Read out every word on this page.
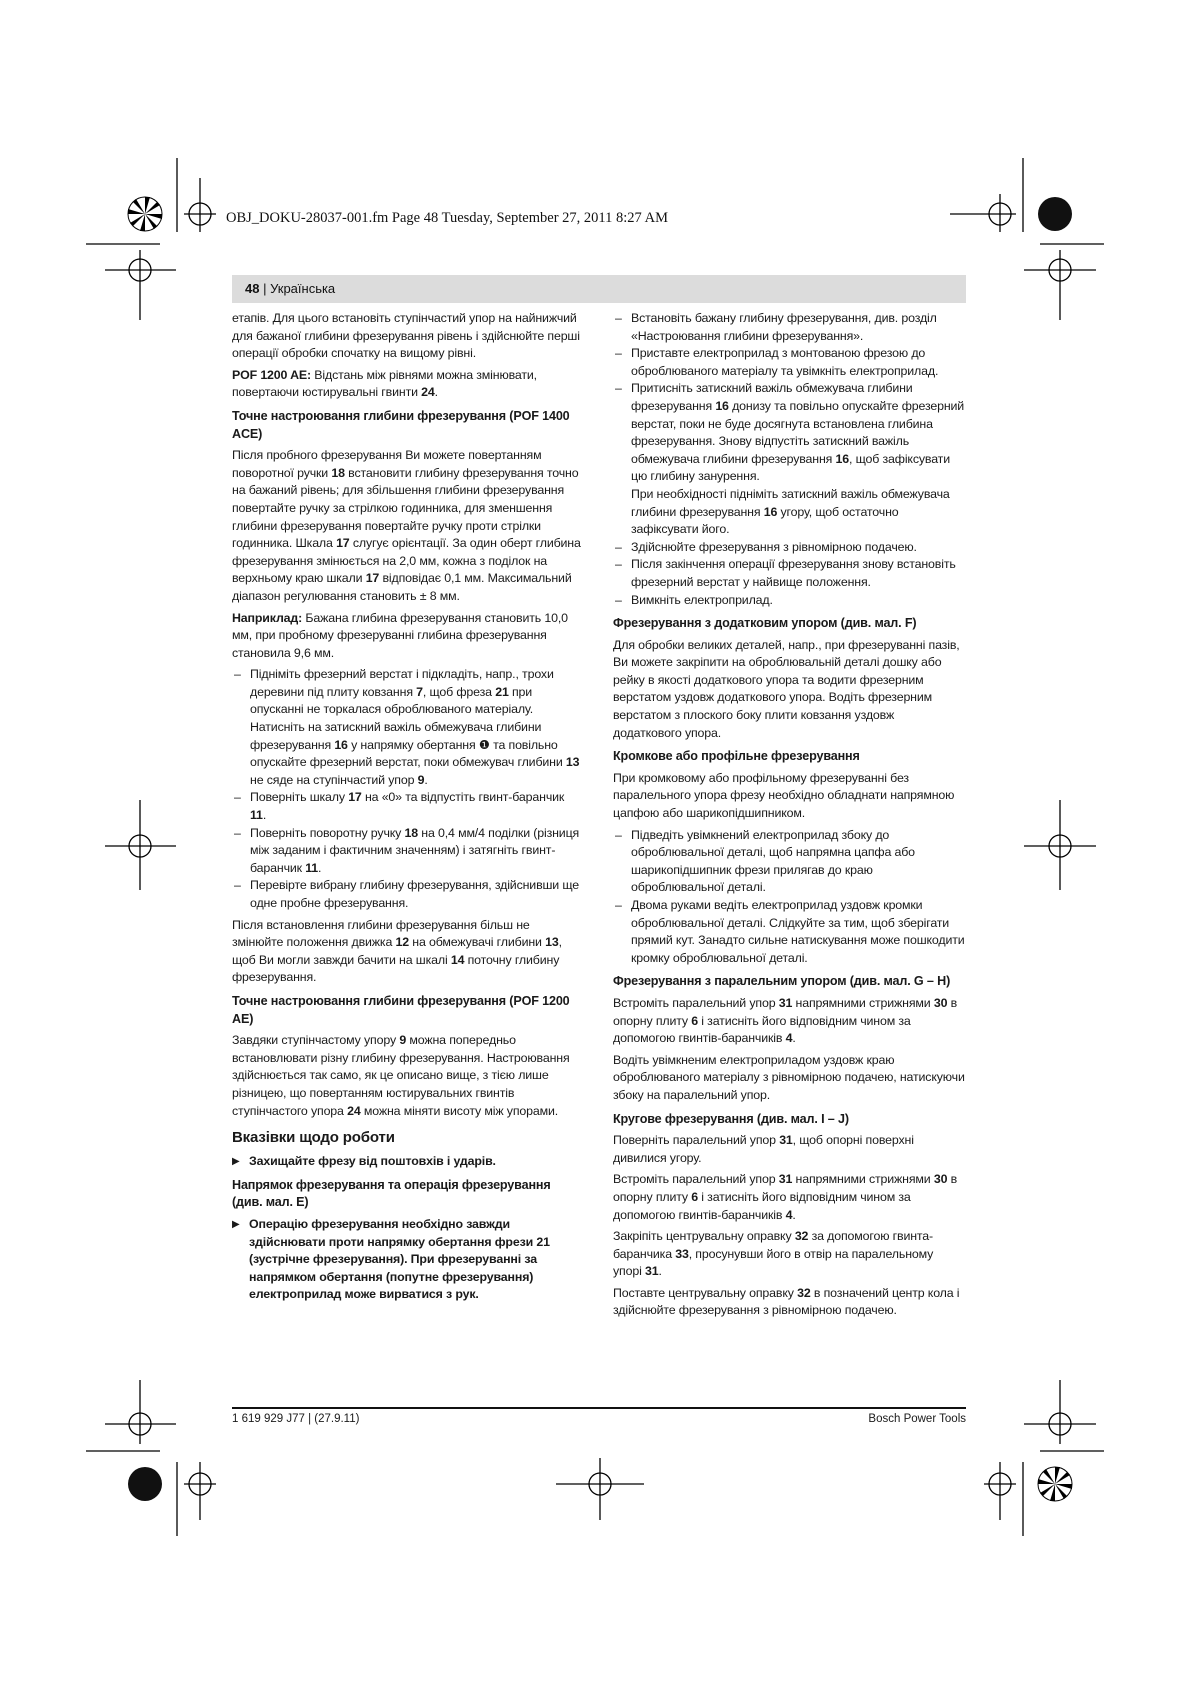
OBJ_DOKU-28037-001.fm Page 48 Tuesday, September 27, 2011 8:27 AM
48 | Українська

етапів. Для цього встановіть ступінчастий упор на найнижчий для бажаної глибини фрезерування рівень і здійснюйте перші операції обробки спочатку на вищому рівні.

POF 1200 AE: Відстань між рівнями можна змінювати, повертаючи юстирувальні гвинти 24.

Точне настроювання глибини фрезерування (POF 1400 ACE)

Після пробного фрезерування Ви можете повертанням поворотної ручки 18 встановити глибину фрезерування точно на бажаний рівень; для збільшення глибини фрезерування повертайте ручку за стрілкою годинника, для зменшення глибини фрезерування повертайте ручку проти стрілки годинника. Шкала 17 слугує орієнтації. За один оберт глибина фрезерування змінюється на 2,0 мм, кожна з поділок на верхньому краю шкали 17 відповідає 0,1 мм. Максимальний діапазон регулювання становить ± 8 мм.

Наприклад: Бажана глибина фрезерування становить 10,0 мм, при пробному фрезеруванні глибина фрезерування становила 9,6 мм.

– Підніміть фрезерний верстат і підкладіть, напр., трохи деревини під плиту ковзання 7, щоб фреза 21 при опусканні не торкалася оброблюваного матеріалу. Натисніть на затискний важіль обмежувача глибини фрезерування 16 у напрямку обертання ❶ та повільно опускайте фрезерний верстат, поки обмежувач глибини 13 не сяде на ступінчастий упор 9.
– Поверніть шкалу 17 на «0» та відпустіть гвинт-баранчик 11.
– Поверніть поворотну ручку 18 на 0,4 мм/4 поділки (різниця між заданим і фактичним значенням) і затягніть гвинт-баранчик 11.
– Перевірте вибрану глибину фрезерування, здійснивши ще одне пробне фрезерування.

Після встановлення глибини фрезерування більш не змінюйте положення движка 12 на обмежувачі глибини 13, щоб Ви могли завжди бачити на шкалі 14 поточну глибину фрезерування.

Точне настроювання глибини фрезерування (POF 1200 AE)

Завдяки ступінчастому упору 9 можна попередньо встановлювати різну глибину фрезерування. Настроювання здійснюється так само, як це описано вище, з тією лише різницею, що повертанням юстирувальних гвинтів ступінчастого упора 24 можна міняти висоту між упорами.

Вказівки щодо роботи

▶ Захищайте фрезу від поштовхів і ударів.

Напрямок фрезерування та операція фрезерування (див. мал. E)

▶ Операцію фрезерування необхідно завжди здійснювати проти напрямку обертання фрези 21 (зустрічне фрезерування). При фрезеруванні за напрямком обертання (попутне фрезерування) електроприлад може вирватися з рук.

– Встановіть бажану глибину фрезерування, див. розділ «Настроювання глибини фрезерування».
– Приставте електроприлад з монтованою фрезою до оброблюваного матеріалу та увімкніть електроприлад.
– Притисніть затискний важіль обмежувача глибини фрезерування 16 донизу та повільно опускайте фрезерний верстат, поки не буде досягнута встановлена глибина фрезерування. Знову відпустіть затискний важіль обмежувача глибини фрезерування 16, щоб зафіксувати цю глибину занурення.
При необхідності підніміть затискний важіль обмежувача глибини фрезерування 16 угору, щоб остаточно зафіксувати його.
– Здійснюйте фрезерування з рівномірною подачею.
– Після закінчення операції фрезерування знову встановіть фрезерний верстат у найвище положення.
– Вимкніть електроприлад.
Фрезерування з додатковим упором (див. мал. F)

Для обробки великих деталей, напр., при фрезеруванні пазів, Ви можете закріпити на оброблювальній деталі дошку або рейку в якості додаткового упора та водити фрезерним верстатом уздовж додаткового упора. Водіть фрезерним верстатом з плоского боку плити ковзання уздовж додаткового упора.

Кромкове або профільне фрезерування

При кромковому або профільному фрезеруванні без паралельного упора фрезу необхідно обладнати напрямною цапфою або шарикопідшипником.

– Підведіть увімкнений електроприлад збоку до оброблювальної деталі, щоб напрямна цапфа або шарикопідшипник фрези прилягав до краю оброблювальної деталі.
– Двома руками ведіть електроприлад уздовж кромки оброблювальної деталі. Слідкуйте за тим, щоб зберігати прямий кут. Занадто сильне натискування може пошкодити кромку оброблювальної деталі.
Фрезерування з паралельним упором (див. мал. G – H)

Встроміть паралельний упор 31 напрямними стрижнями 30 в опорну плиту 6 і затисніть його відповідним чином за допомогою гвинтів-баранчиків 4.

Водіть увімкненим електроприладом уздовж краю оброблюваного матеріалу з рівномірною подачею, натискуючи збоку на паралельний упор.

Кругове фрезерування (див. мал. I – J)

Поверніть паралельний упор 31, щоб опорні поверхні дивилися угору.

Встроміть паралельний упор 31 напрямними стрижнями 30 в опорну плиту 6 і затисніть його відповідним чином за допомогою гвинтів-баранчиків 4.

Закріпіть центрувальну оправку 32 за допомогою гвинта-баранчика 33, просунувши його в отвір на паралельному упорі 31.

Поставте центрувальну оправку 32 в позначений центр кола і здійснюйте фрезерування з рівномірною подачею.

1 619 929 J77 | (27.9.11)	Bosch Power Tools
